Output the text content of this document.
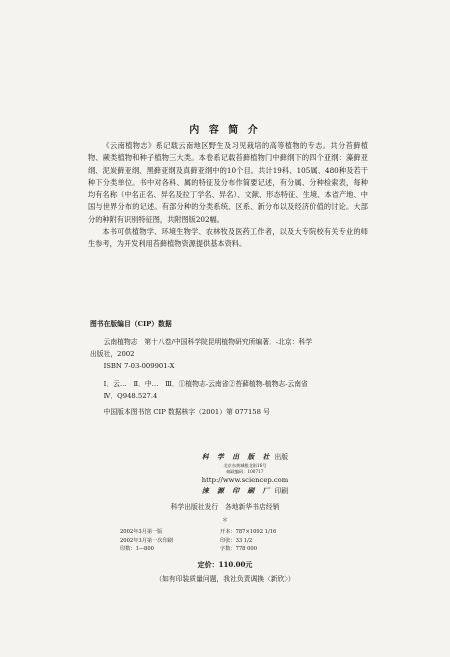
内 容 简 介

《云南植物志》系记载云南地区野生及习见栽培的高等植物的专志。共分苔藓植物、蕨类植物和种子植物三大类。本卷系记载苔藓植物门中藓纲下的四个亚纲：藻藓亚纲、泥炭藓亚纲、黑藓亚纲及真藓亚纲中的10个目。共计19科、105属、480种及若干种下分类单位。书中对各科、属的特征及分布作简要记述，有分属、分种检索表，每种均有名称（中名正名、异名及拉丁学名、异名）、文献、形态特征、生境、本省产地、中国与世界分布的记述。有部分种的分类系统、区系、新分布以及经济价值的讨论。大部分的种附有识别特征图，共附图版202幅。

本书可供植物学、环境生物学、农林牧及医药工作者，以及大专院校有关专业的师生参考，为开发利用苔藓植物资源提供基本资料。

图书在版编目（CIP）数据
云南植物志　第十八卷/中国科学院昆明植物研究所编著．-北京：科学
出版社，2002
ISBN 7-03-009901-X
Ⅰ．云…　Ⅱ．中…　Ⅲ．①植物志-云南省②苔藓植物-植物志-云南省
Ⅳ．Q948.527.4
中国版本图书馆 CIP 数据核字（2001）第 077158 号
科 学 出 版 社 出版
北京东黄城根北街16号
邮政编码：100717
http://www.sciencep.com
涞 源 印 刷 厂 印刷
科学出版社发行　各地新华书店经销
＊
2002年3月第一版	开本：787×1092 1/16
2002年3月第一次印刷	印张：33 1/2
印数：1—800	字数：778 000
定价：110.00元
（如有印装质量问题，我社负责调换〈新欣〉）
